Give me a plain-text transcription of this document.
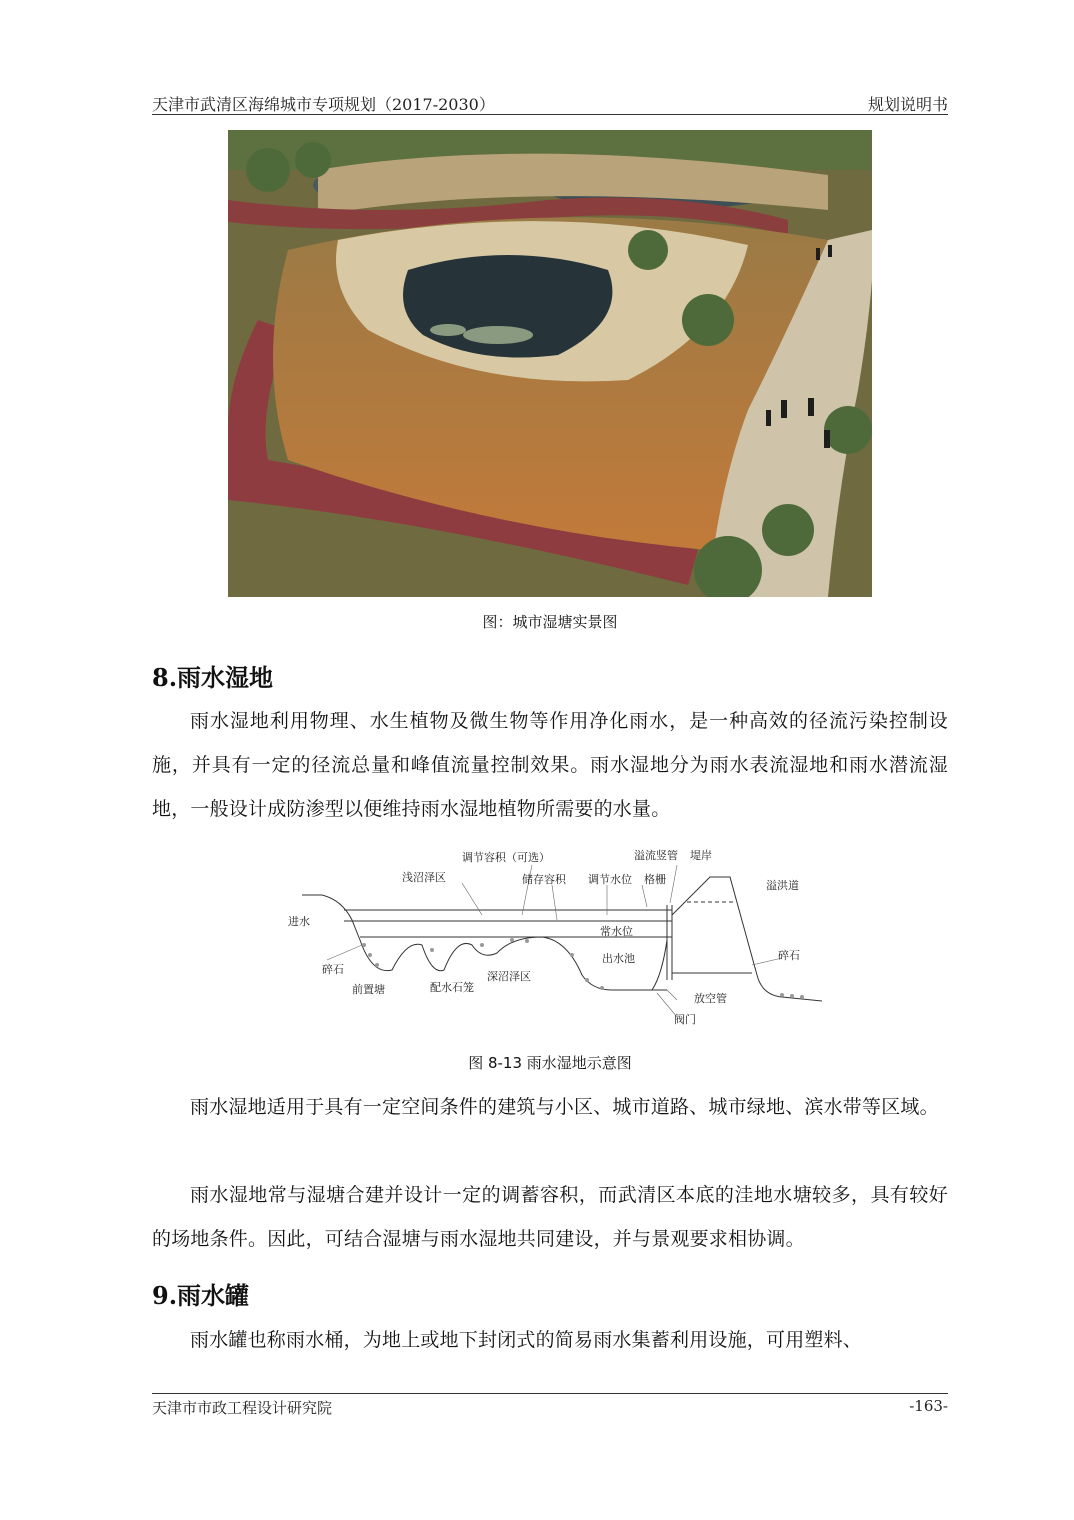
天津市武清区海绵城市专项规划（2017-2030）	规划说明书
图：城市湿塘实景图
8.雨水湿地

雨水湿地利用物理、水生植物及微生物等作用净化雨水，是一种高效的径流污染控制设施，并具有一定的径流总量和峰值流量控制效果。雨水湿地分为雨水表流湿地和雨水潜流湿地，一般设计成防渗型以便维持雨水湿地植物所需要的水量。

调节容积（可选）	溢流竖管 堤岸
浅沼泽区	储存容积 调节水位 格栅	溢洪道
进水
常水位
出水池
碎石
碎石
深沼泽区
前置塘	配水石笼
放空管
阀门
图 8-13 雨水湿地示意图

雨水湿地适用于具有一定空间条件的建筑与小区、城市道路、城市绿地、滨水带等区域。

雨水湿地常与湿塘合建并设计一定的调蓄容积，而武清区本底的洼地水塘较多，具有较好的场地条件。因此，可结合湿塘与雨水湿地共同建设，并与景观要求相协调。

9.雨水罐

雨水罐也称雨水桶，为地上或地下封闭式的简易雨水集蓄利用设施，可用塑料、

天津市市政工程设计研究院	-163-
